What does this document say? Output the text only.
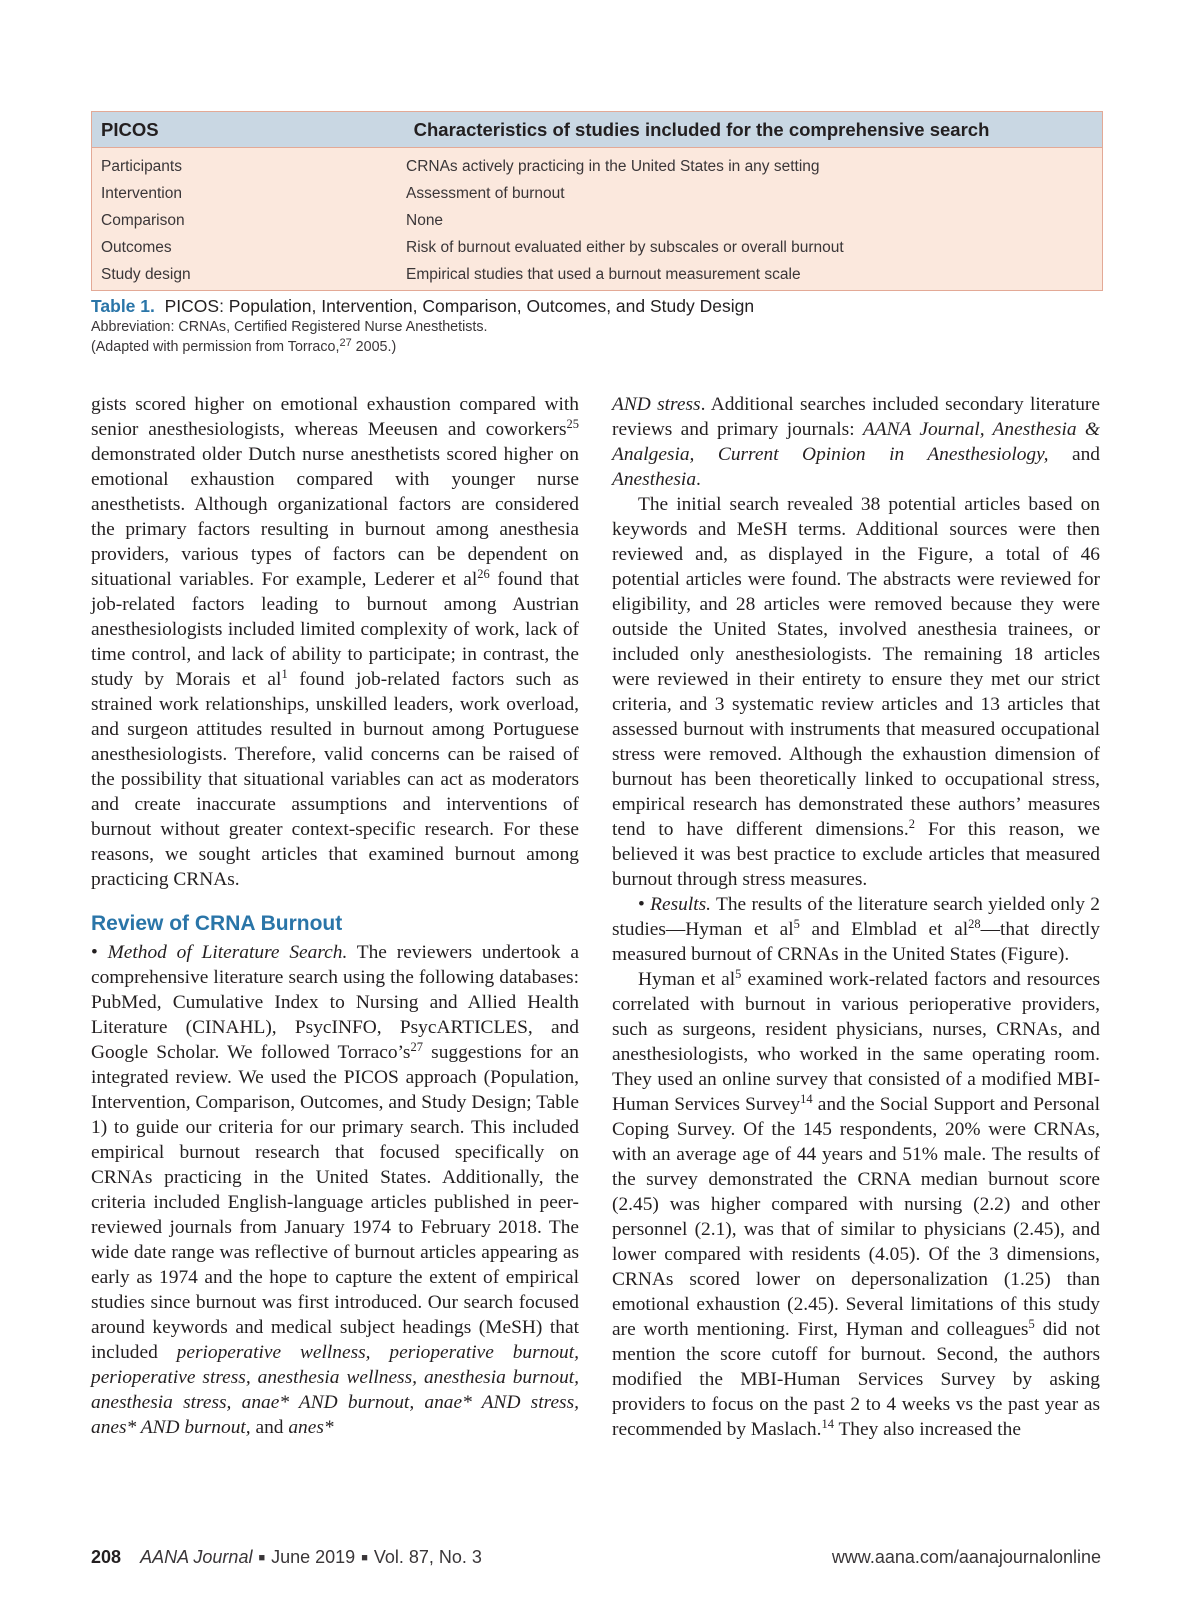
PICOS	Characteristics of studies included for the comprehensive search
Participants	CRNAs actively practicing in the United States in any setting
Intervention	Assessment of burnout
Comparison	None
Outcomes	Risk of burnout evaluated either by subscales or overall burnout
Study design	Empirical studies that used a burnout measurement scale
Table 1. PICOS: Population, Intervention, Comparison, Outcomes, and Study Design
Abbreviation: CRNAs, Certified Registered Nurse Anesthetists.
(Adapted with permission from Torraco,$^{27}$ 2005.)

gists scored higher on emotional exhaustion compared with senior anesthesiologists, whereas Meeusen and coworkers$^{25}$ demonstrated older Dutch nurse anesthetists scored higher on emotional exhaustion compared with younger nurse anesthetists. Although organizational factors are considered the primary factors resulting in burnout among anesthesia providers, various types of factors can be dependent on situational variables. For example, Lederer et $al^{26}$ found that job-related factors leading to burnout among Austrian anesthesiologists included limited complexity of work, lack of time control, and lack of ability to participate; in contrast, the study by Morais et $al^1$ found job-related factors such as strained work relationships, unskilled leaders, work overload, and surgeon attitudes resulted in burnout among Portuguese anesthesiologists. Therefore, valid concerns can be raised of the possibility that situational variables can act as moderators and create inaccurate assumptions and interventions of burnout without greater context-specific research. For these reasons, we sought articles that examined burnout among practicing CRNAs.

Review of CRNA Burnout

• Method of Literature Search. The reviewers undertook a comprehensive literature search using the following databases: PubMed, Cumulative Index to Nursing and Allied Health Literature (CINAHL), PsycINFO, PsycARTICLES, and Google Scholar. We followed $Torraco’s^{27}$ suggestions for an integrated review. We used the PICOS approach (Population, Intervention, Comparison, Outcomes, and Study Design; Table 1) to guide our criteria for our primary search. This included empirical burnout research that focused specifically on CRNAs practicing in the United States. Additionally, the criteria included English-language articles published in peer-reviewed journals from January 1974 to February 2018. The wide date range was reflective of burnout articles appearing as early as 1974 and the hope to capture the extent of empirical studies since burnout was first introduced. Our search focused around keywords and medical subject headings (MeSH) that included perioperative wellness, perioperative burnout, perioperative stress, anesthesia wellness, anesthesia burnout, anesthesia stress, anae* AND burnout, anae* AND stress, anes* AND burnout, and anes*

AND stress. Additional searches included secondary literature reviews and primary journals: AANA Journal, Anesthesia & Analgesia, Current Opinion in Anesthesiology, and Anesthesia.

The initial search revealed 38 potential articles based on keywords and MeSH terms. Additional sources were then reviewed and, as displayed in the Figure, a total of 46 potential articles were found. The abstracts were reviewed for eligibility, and 28 articles were removed because they were outside the United States, involved anesthesia trainees, or included only anesthesiologists. The remaining 18 articles were reviewed in their entirety to ensure they met our strict criteria, and 3 systematic review articles and 13 articles that assessed burnout with instruments that measured occupational stress were removed. Although the exhaustion dimension of burnout has been theoretically linked to occupational stress, empirical research has demonstrated these authors’ measures tend to have different dimensions.$^2$ For this reason, we believed it was best practice to exclude articles that measured burnout through stress measures.

• Results. The results of the literature search yielded only 2 studies—Hyman et $al^5$ and Elmblad et $al^{28}—that$ directly measured burnout of CRNAs in the United States (Figure).

Hyman et $al^5$ examined work-related factors and resources correlated with burnout in various perioperative providers, such as surgeons, resident physicians, nurses, CRNAs, and anesthesiologists, who worked in the same operating room. They used an online survey that consisted of a modified MBI-Human Services Survey$^{14}$ and the Social Support and Personal Coping Survey. Of the 145 respondents, 20% were CRNAs, with an average age of 44 years and 51% male. The results of the survey demonstrated the CRNA median burnout score (2.45) was higher compared with nursing (2.2) and other personnel (2.1), was that of similar to physicians (2.45), and lower compared with residents (4.05). Of the 3 dimensions, CRNAs scored lower on depersonalization (1.25) than emotional exhaustion (2.45). Several limitations of this study are worth mentioning. First, Hyman and colleagues$^5$ did not mention the score cutoff for burnout. Second, the authors modified the MBI-Human Services Survey by asking providers to focus on the past 2 to 4 weeks vs the past year as recommended by Maslach.$^{14}$ They also increased the

208 AANA Journal ■ June 2019 ■ Vol. 87, No. 3	www.aana.com/aanajournalonline
